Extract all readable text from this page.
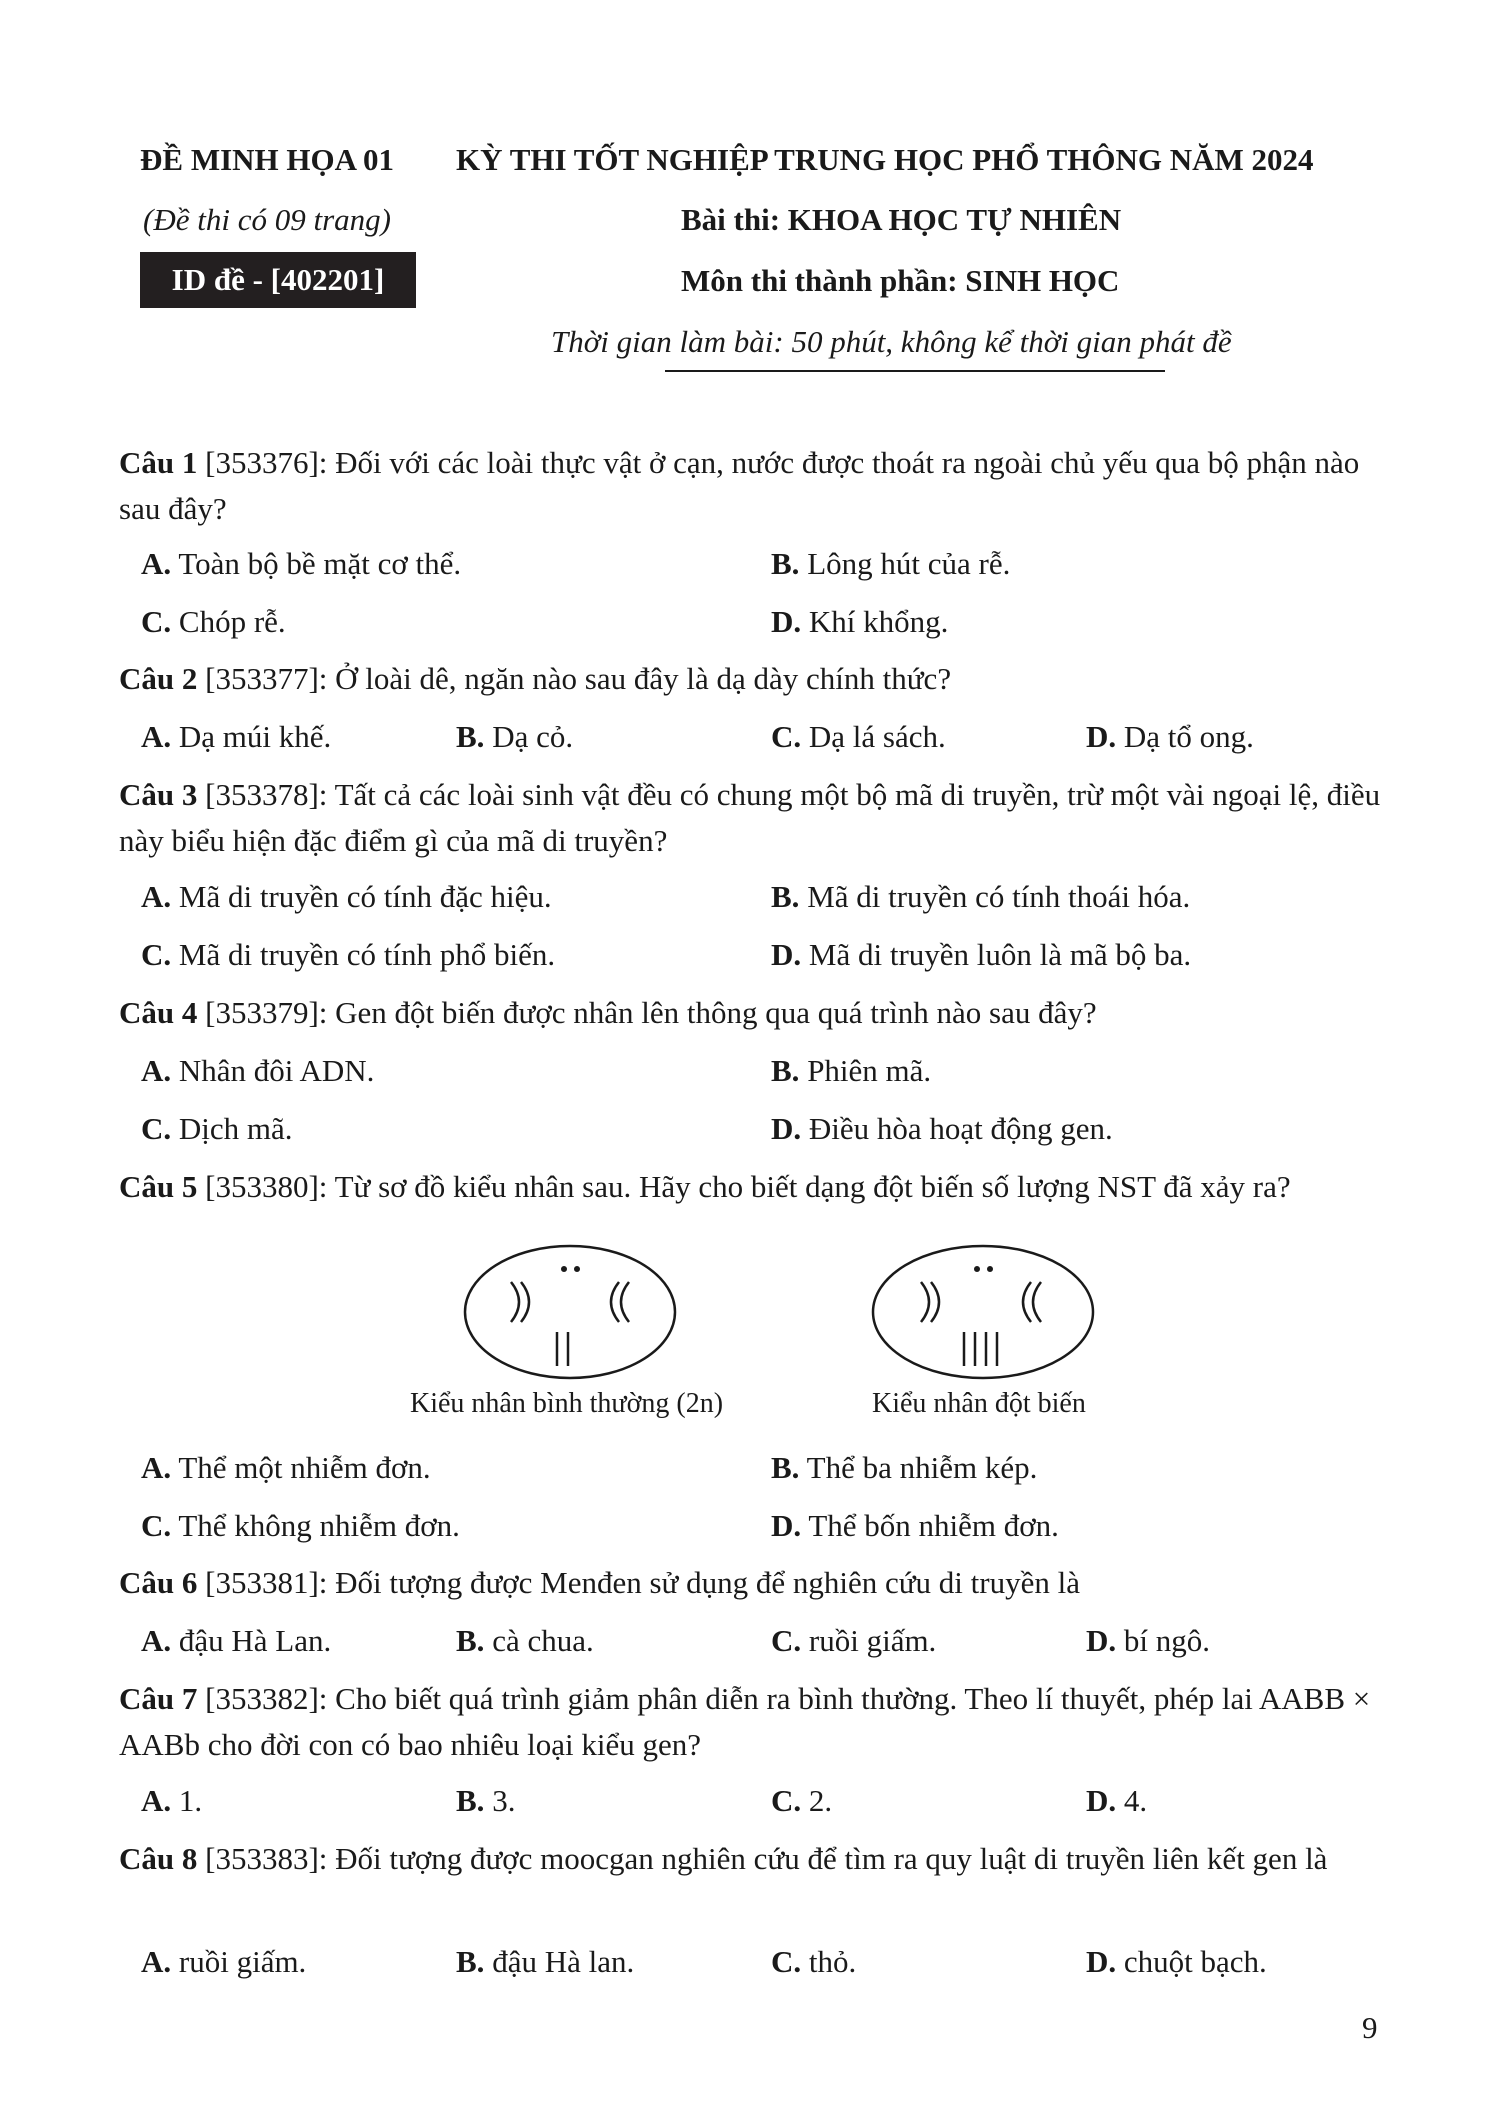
ĐỀ MINH HỌA 01 KỲ THI TỐT NGHIỆP TRUNG HỌC PHỔ THÔNG NĂM 2024
(Đề thi có 09 trang)	Bài thi: KHOA HỌC TỰ NHIÊN
ID đề - [402201]	Môn thi thành phần: SINH HỌC
Thời gian làm bài: 50 phút, không kể thời gian phát đề
Câu 1 [353376]: Đối với các loài thực vật ở cạn, nước được thoát ra ngoài chủ yếu qua bộ phận nào sau đây?
A. Toàn bộ bề mặt cơ thể.	B. Lông hút của rễ.
C. Chóp rễ.	D. Khí khổng.
Câu 2 [353377]: Ở loài dê, ngăn nào sau đây là dạ dày chính thức?
A. Dạ múi khế.	B. Dạ cỏ.	C. Dạ lá sách.	D. Dạ tổ ong.
Câu 3 [353378]: Tất cả các loài sinh vật đều có chung một bộ mã di truyền, trừ một vài ngoại lệ, điều này biểu hiện đặc điểm gì của mã di truyền?
A. Mã di truyền có tính đặc hiệu.	B. Mã di truyền có tính thoái hóa.
C. Mã di truyền có tính phổ biến.	D. Mã di truyền luôn là mã bộ ba.
Câu 4 [353379]: Gen đột biến được nhân lên thông qua quá trình nào sau đây?
A. Nhân đôi ADN.	B. Phiên mã.
C. Dịch mã.	D. Điều hòa hoạt động gen.
Câu 5 [353380]: Từ sơ đồ kiểu nhân sau. Hãy cho biết dạng đột biến số lượng NST đã xảy ra?
Kiểu nhân bình thường (2n)	Kiểu nhân đột biến
A. Thể một nhiễm đơn.	B. Thể ba nhiễm kép.
C. Thể không nhiễm đơn.	D. Thể bốn nhiễm đơn.
Câu 6 [353381]: Đối tượng được Menđen sử dụng để nghiên cứu di truyền là
A. đậu Hà Lan.	B. cà chua.	C. ruồi giấm.	D. bí ngô.
Câu 7 [353382]: Cho biết quá trình giảm phân diễn ra bình thường. Theo lí thuyết, phép lai AABB × AABb cho đời con có bao nhiêu loại kiểu gen?
A. 1.	B. 3.	C. 2.	D. 4.
Câu 8 [353383]: Đối tượng được moocgan nghiên cứu để tìm ra quy luật di truyền liên kết gen là
A. ruồi giấm.	B. đậu Hà lan.	C. thỏ.	D. chuột bạch.
9
